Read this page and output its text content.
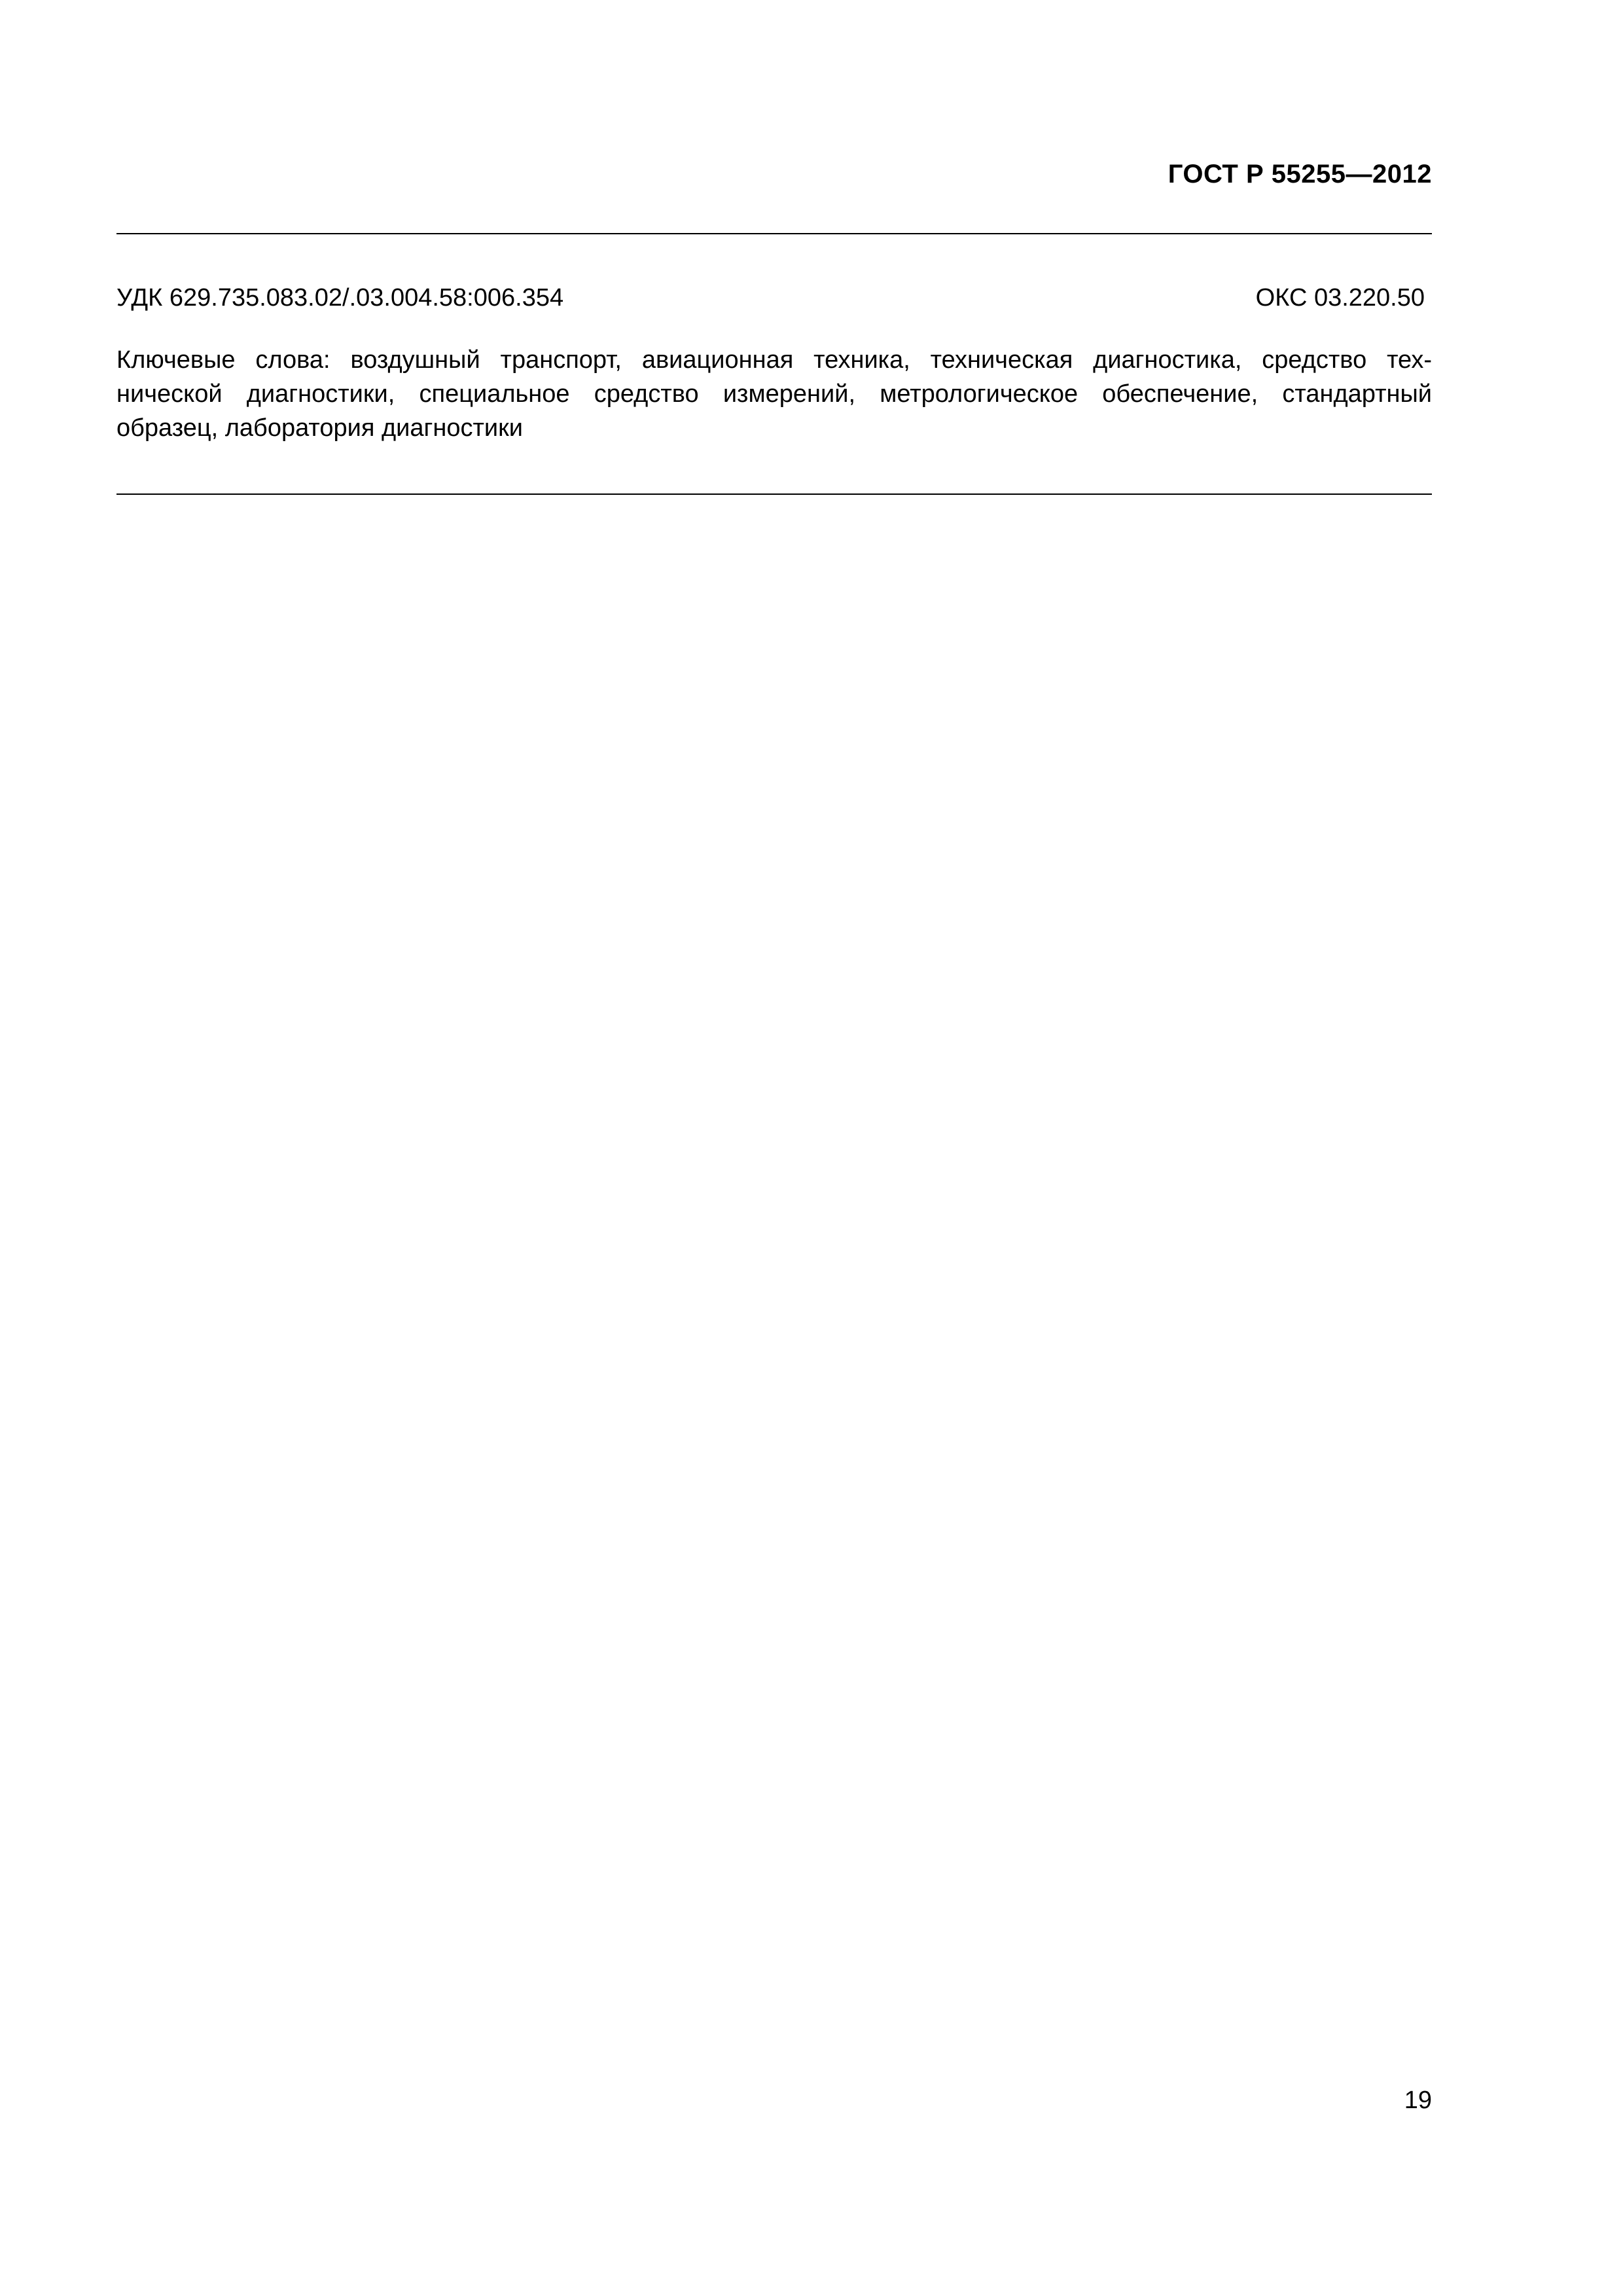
ГОСТ Р 55255—2012
УДК 629.735.083.02/.03.004.58:006.354	ОКС 03.220.50
Ключевые слова: воздушный транспорт, авиационная техника, техническая диагностика, средство тех-
нической диагностики, специальное средство измерений, метрологическое обеспечение, стандартный
образец, лаборатория диагностики
19
